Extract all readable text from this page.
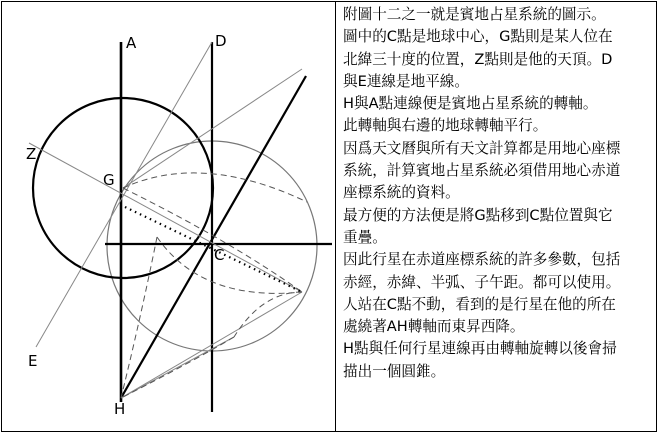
A	D
Z
G
C
E
H

附圖十二之一就是賓地占星系統的圖示。

圖中的C點是地球中心，G點則是某人位在

北緯三十度的位置，Z點則是他的天頂。D

與E連線是地平線。

H與A點連線便是賓地占星系統的轉軸。

此轉軸與右邊的地球轉軸平行。

因爲天文曆與所有天文計算都是用地心座標

系統，計算賓地占星系統必須借用地心赤道

座標系統的資料。

最方便的方法便是將G點移到C點位置與它

重疊。

因此行星在赤道座標系統的許多參數，包括

赤經，赤緯、半弧、子午距。都可以使用。

人站在C點不動，看到的是行星在他的所在

處繞著AH轉軸而東昇西降。

H點與任何行星連線再由轉軸旋轉以後會掃

描出一個圓錐。
